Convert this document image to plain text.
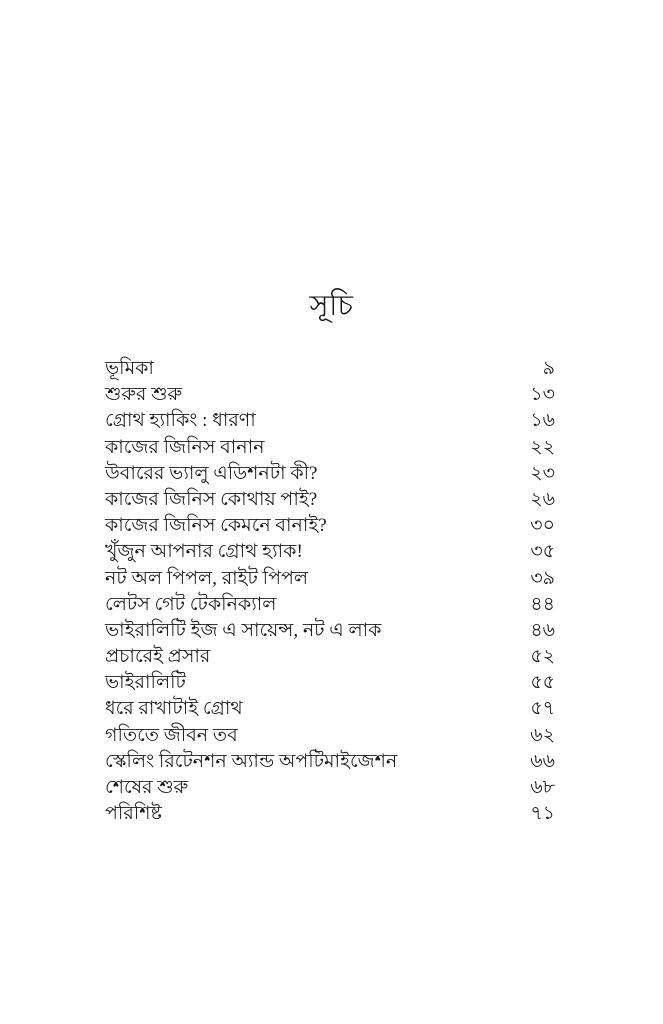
সূচি
ভূমিকা	৯
শুরুর শুরু	১৩
গ্রোথ হ্যাকিং : ধারণা	১৬
কাজের জিনিস বানান	২২
উবারের ভ্যালু এডিশনটা কী?	২৩
কাজের জিনিস কোথায় পাই?	২৬
কাজের জিনিস কেমনে বানাই?	৩০
খুঁজুন আপনার গ্রোথ হ্যাক!	৩৫
নট অল পিপল, রাইট পিপল	৩৯
লেটস গেট টেকনিক্যাল	৪৪
ভাইরালিটি ইজ এ সায়েন্স, নট এ লাক	৪৬
প্রচারেই প্রসার	৫২
ভাইরালিটি	৫৫
ধরে রাখাটাই গ্রোথ	৫৭
গতিতে জীবন তব	৬২
স্কেলিং রিটেনশন অ্যান্ড অপটিমাইজেশন	৬৬
শেষের শুরু	৬৮
পরিশিষ্ট	৭১
